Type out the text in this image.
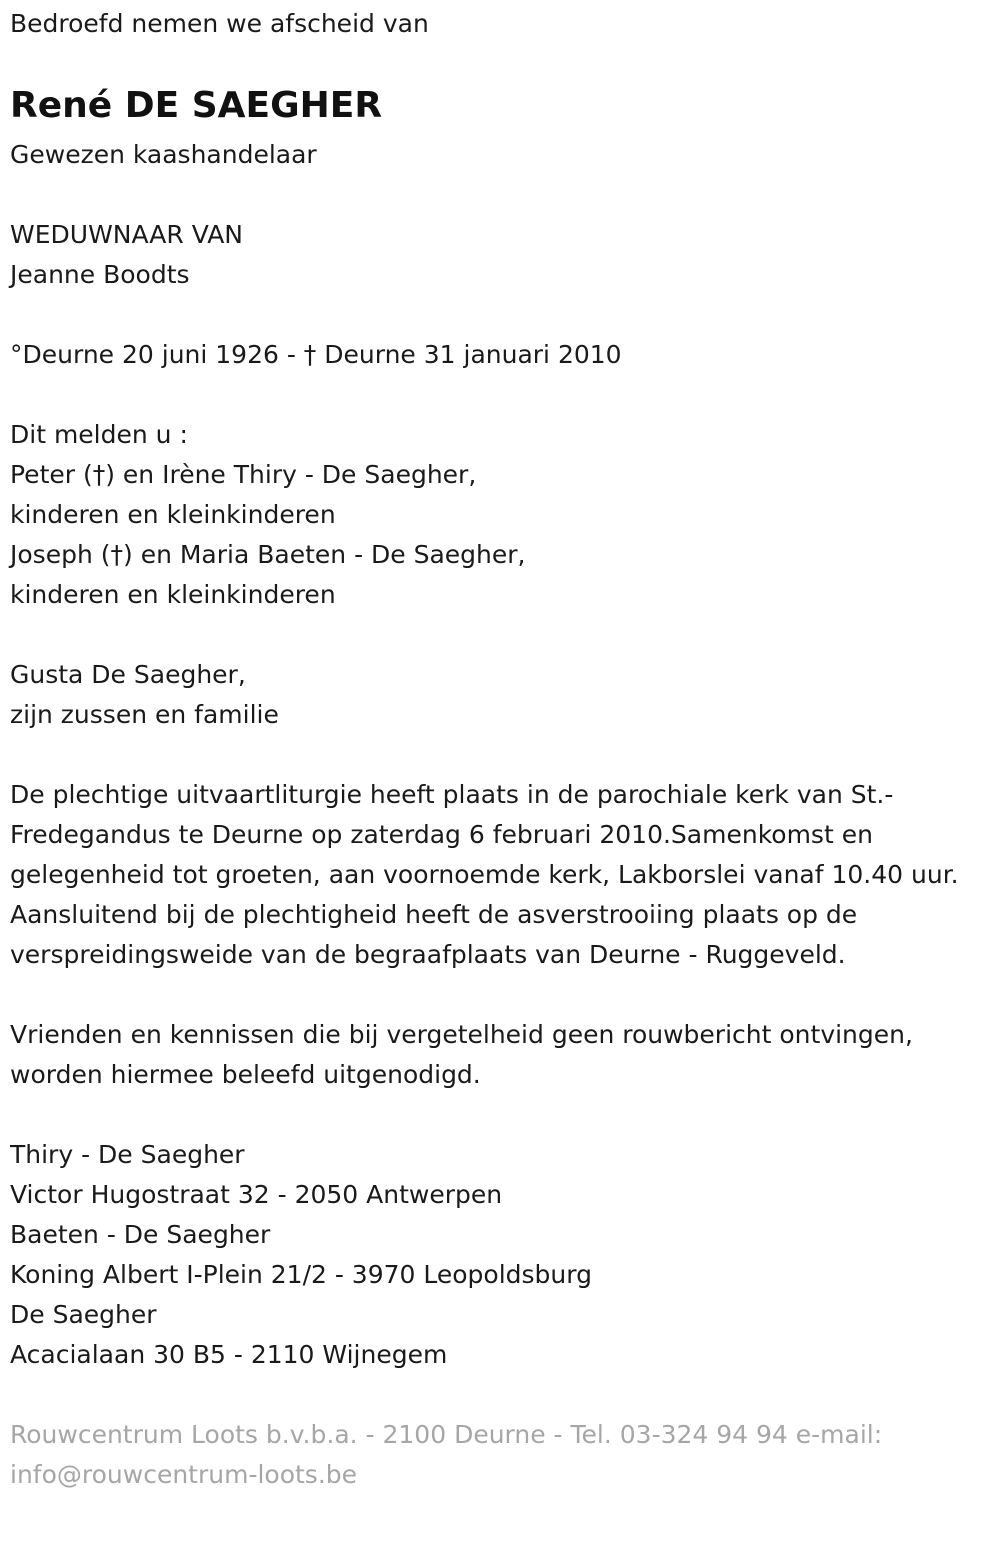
Bedroefd nemen we afscheid van
René DE SAEGHER
Gewezen kaashandelaar
WEDUWNAAR VAN
Jeanne Boodts
°Deurne 20 juni 1926 - † Deurne 31 januari 2010
Dit melden u :
Peter (†) en Irène Thiry - De Saegher,
kinderen en kleinkinderen
Joseph (†) en Maria Baeten - De Saegher,
kinderen en kleinkinderen
Gusta De Saegher,
zijn zussen en familie
De plechtige uitvaartliturgie heeft plaats in de parochiale kerk van St.-Fredegandus te Deurne op zaterdag 6 februari 2010.Samenkomst en gelegenheid tot groeten, aan voornoemde kerk, Lakborslei vanaf 10.40 uur.
Aansluitend bij de plechtigheid heeft de asverstrooiing plaats op de verspreidingsweide van de begraafplaats van Deurne - Ruggeveld.
Vrienden en kennissen die bij vergetelheid geen rouwbericht ontvingen, worden hiermee beleefd uitgenodigd.
Thiry - De Saegher
Victor Hugostraat 32 - 2050 Antwerpen
Baeten - De Saegher
Koning Albert I-Plein 21/2 - 3970 Leopoldsburg
De Saegher
Acacialaan 30 B5 - 2110 Wijnegem
Rouwcentrum Loots b.v.b.a. - 2100 Deurne - Tel. 03-324 94 94 e-mail: info@rouwcentrum-loots.be
